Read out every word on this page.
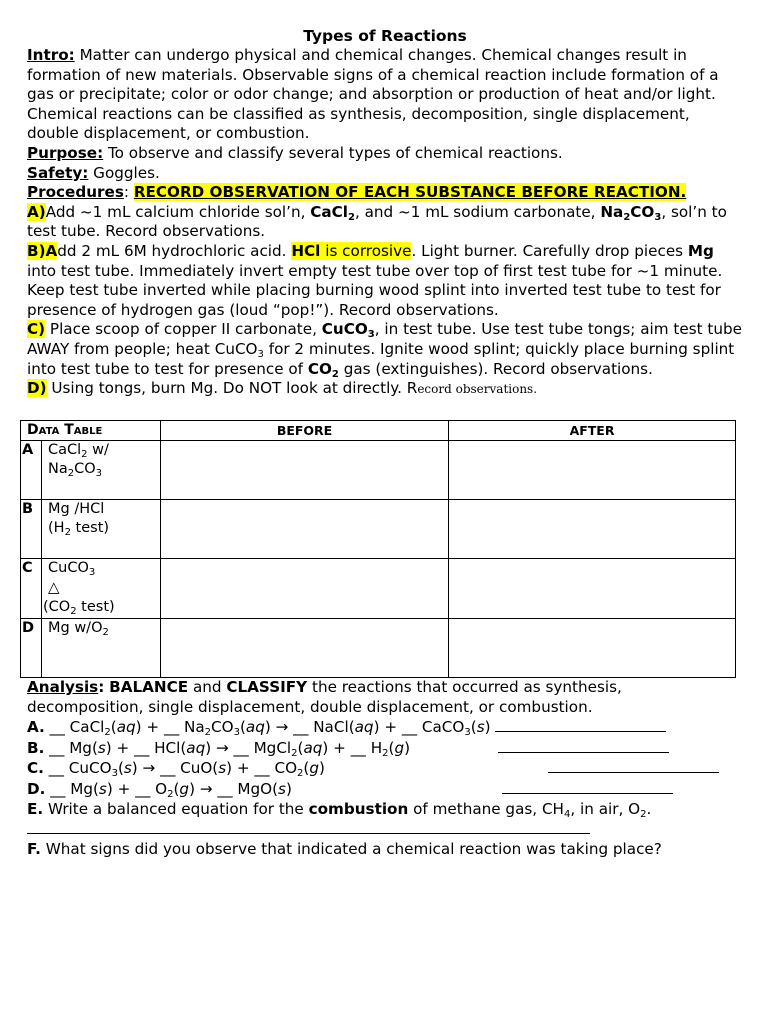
Types of Reactions

Intro: Matter can undergo physical and chemical changes. Chemical changes result in formation of new materials. Observable signs of a chemical reaction include formation of a gas or precipitate; color or odor change; and absorption or production of heat and/or light. Chemical reactions can be classified as synthesis, decomposition, single displacement, double displacement, or combustion.

Purpose: To observe and classify several types of chemical reactions.

Safety: Goggles.

Procedures: RECORD OBSERVATION OF EACH SUBSTANCE BEFORE REACTION.

A)Add ~1 mL calcium chloride sol’n, CaCl$_2$, and ~1 mL sodium carbonate, $Na_2CO_3$, sol’n to test tube. Record observations.

B)Add 2 mL 6M hydrochloric acid. HCl is corrosive. Light burner. Carefully drop pieces Mg into test tube. Immediately invert empty test tube over top of first test tube for ~1 minute. Keep test tube inverted while placing burning wood splint into inverted test tube to test for presence of hydrogen gas (loud “pop!”). Record observations.

C) Place scoop of copper II carbonate, CuCO$_3$, in test tube. Use test tube tongs; aim test tube AWAY from people; heat CuCO$_3$ for 2 minutes. Ignite wood splint; quickly place burning splint into test tube to test for presence of $CO_2$ gas (extinguishes). Record observations.

D) Using tongs, burn Mg. Do NOT look at directly. Record observations.

Data Table		BEFORE	AFTER
A	CaCl$_2$ w/
$Na_2CO_3$		
B	Mg /HCl
($H_2$ test)		
C	CuCO$_3$
△
($CO_2$ test)		
D	Mg $w/O_2$		

Analysis: BALANCE and CLASSIFY the reactions that occurred as synthesis, decomposition, single displacement, double displacement, or combustion.

A. __ CaCl$_2$(aq) + __ $Na_2CO_3(aq)$ → __ NaCl(aq) + __ CaCO$_3$(s)

B. __ Mg(s) + __ HCl(aq) → __ MgCl$_2$(aq) + __ $H_2(g)$

C. __ CuCO$_3$(s) → __ CuO(s) + __ $CO_2(g)$

D. __ Mg(s) + __ $O_2(g)$ → __ MgO(s)

E. Write a balanced equation for the combustion of methane gas, $CH_4$, in air, $O_2$.

F. What signs did you observe that indicated a chemical reaction was taking place?
